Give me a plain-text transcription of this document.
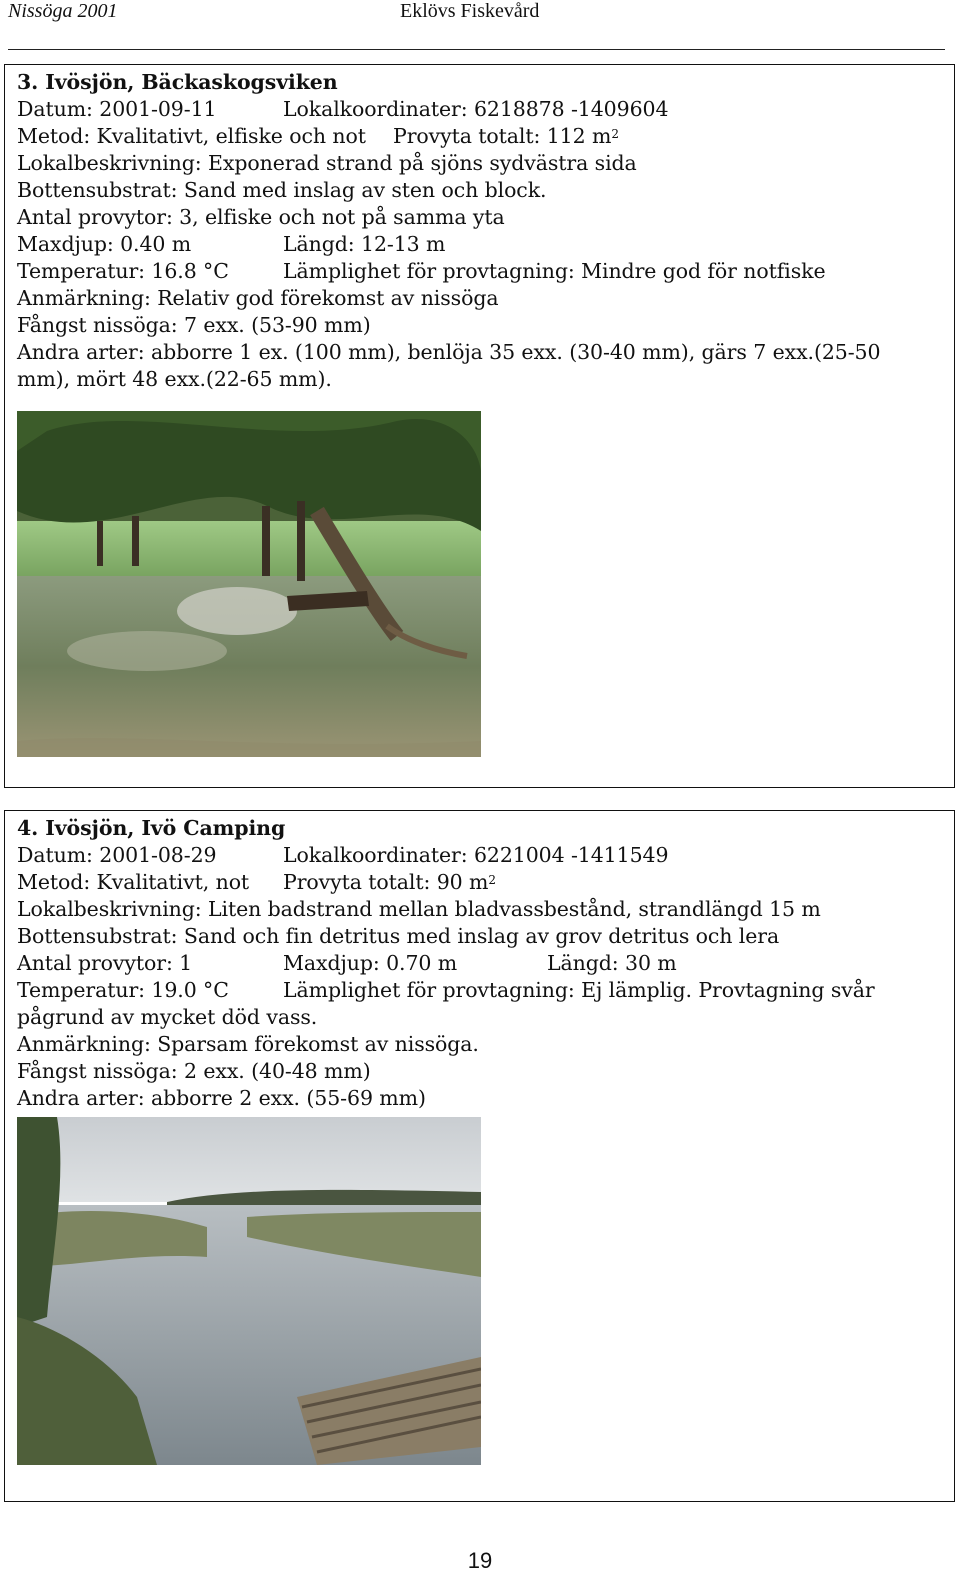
Nissöga 2001	Eklövs Fiskevård
3. Ivösjön, Bäckaskogsviken
Datum: 2001-09-11	Lokalkoordinater: 6218878 -1409604
Metod: Kvalitativt, elfiske och not Provyta totalt: 112 $m^2$
Lokalbeskrivning: Exponerad strand på sjöns sydvästra sida
Bottensubstrat: Sand med inslag av sten och block.
Antal provytor: 3, elfiske och not på samma yta
Maxdjup: 0.40 m	Längd: 12-13 m
Temperatur: 16.8 °C	Lämplighet för provtagning: Mindre god för notfiske
Anmärkning: Relativ god förekomst av nissöga
Fångst nissöga: 7 exx. (53-90 mm)
Andra arter: abborre 1 ex. (100 mm), benlöja 35 exx. (30-40 mm), gärs 7 exx.(25-50 mm), mört 48 exx.(22-65 mm).
4. Ivösjön, Ivö Camping
Datum: 2001-08-29	Lokalkoordinater: 6221004 -1411549
Metod: Kvalitativt, not Provyta totalt: 90 $m^2$
Lokalbeskrivning: Liten badstrand mellan bladvassbestånd, strandlängd 15 m
Bottensubstrat: Sand och fin detritus med inslag av grov detritus och lera
Antal provytor: 1	Maxdjup: 0.70 m	Längd: 30 m
Temperatur: 19.0 °C	Lämplighet för provtagning: Ej lämplig. Provtagning svår
pågrund av mycket död vass.
Anmärkning: Sparsam förekomst av nissöga.
Fångst nissöga: 2 exx. (40-48 mm)
Andra arter: abborre 2 exx. (55-69 mm)
19
